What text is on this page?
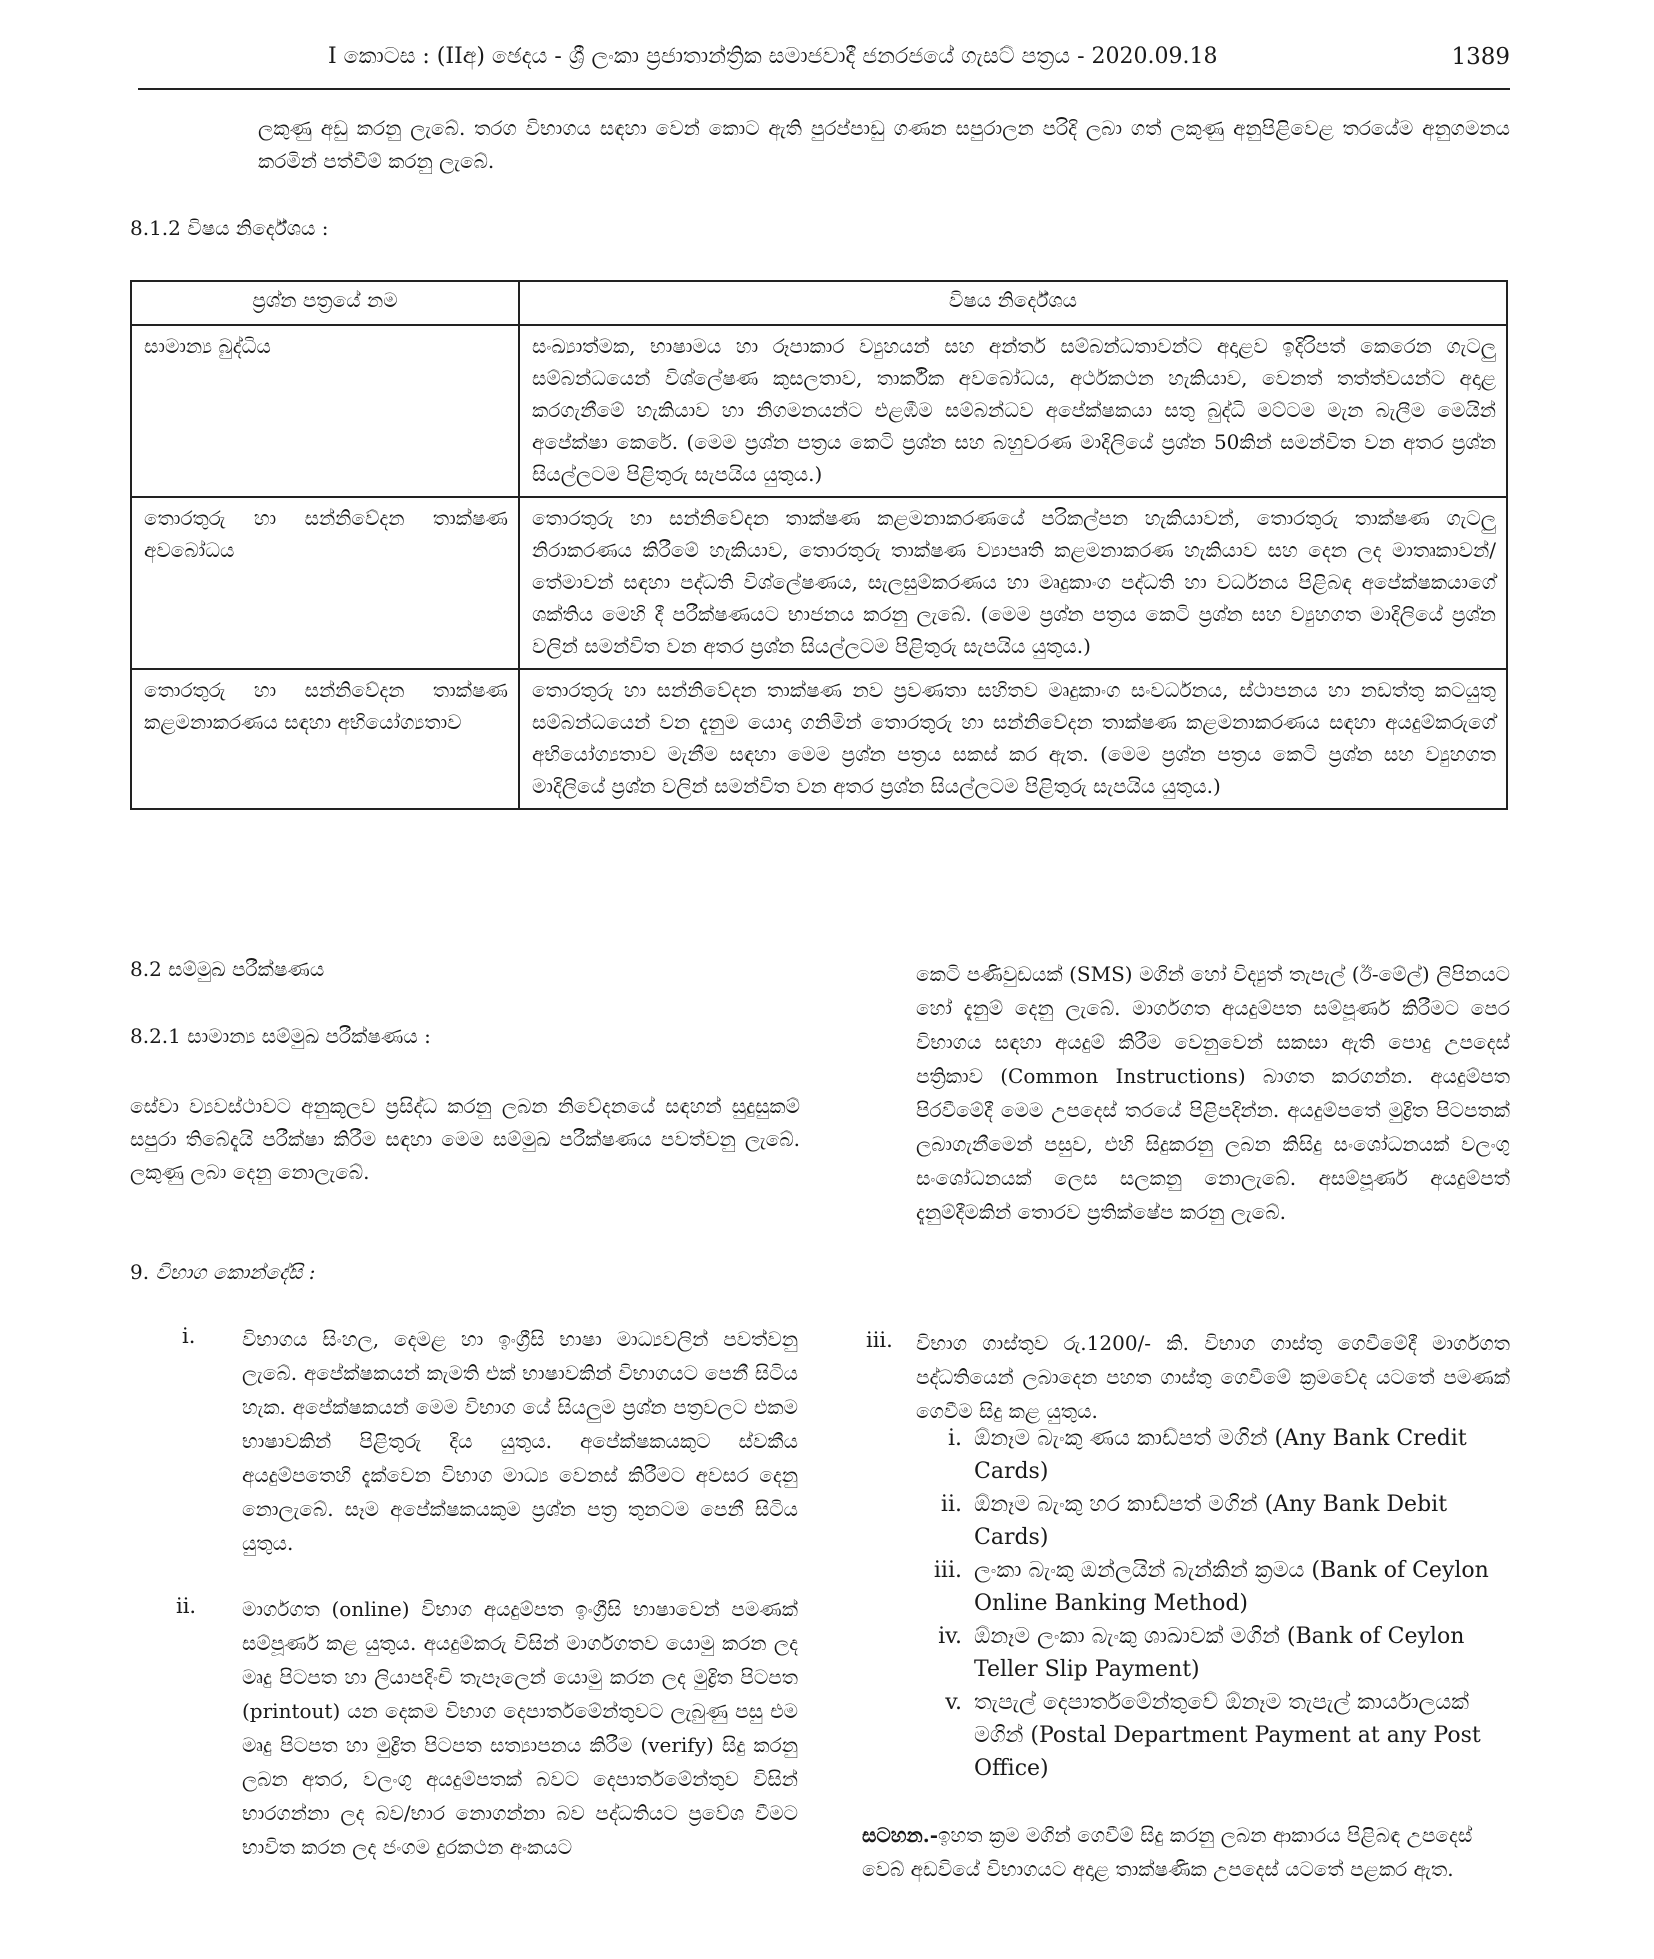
I කොටස : (IIඅ) ඡෙදය - ශ්‍රී ලංකා ප්‍රජාතාන්ත්‍රික සමාජවාදී ජනරජයේ ගැසට් පත්‍රය - 2020.09.18	1389
ලකුණු අඩු කරනු ලැබේ. තරග විභාගය සඳහා වෙන් කොට ඇති පුරප්පාඩු ගණන සපුරාලන පරිදි ලබා ගත් ලකුණු අනුපිළිවෙළ තරයේම අනුගමනය කරමින් පත්වීම් කරනු ලැබේ.
8.1.2 විෂය නිර්දේශය :
ප්‍රශ්න පත්‍රයේ නම	විෂය නිර්දේශය
සාමාන්‍ය බුද්ධිය	සංඛ්‍යාත්මක, භාෂාමය හා රූපාකාර ව්‍යුහයන් සහ අන්තර් සම්බන්ධතාවන්ට අදාළව ඉදිරිපත් කෙරෙන ගැටලු සම්බන්ධයෙන් විශ්ලේෂණ කුසලතාව, තාර්කික අවබෝධය, අර්ථකථන හැකියාව, වෙනත් තත්ත්වයන්ට අදාළ කරගැනීමේ හැකියාව හා නිගමනයන්ට එළඹීම සම්බන්ධව අපේක්ෂකයා සතු බුද්ධි මට්ටම මැන බැලීම මෙයින් අපේක්ෂා කෙරේ. (මෙම ප්‍රශ්න පත්‍රය කෙටි ප්‍රශ්න සහ බහුවරණ මාදිලියේ ප්‍රශ්න 50කින් සමන්විත වන අතර ප්‍රශ්න සියල්ලටම පිළිතුරු සැපයිය යුතුය.)
තොරතුරු හා සන්නිවේදන තාක්ෂණ අවබෝධය	තොරතුරු හා සන්නිවේදන තාක්ෂණ කළමනාකරණයේ පරිකල්පන හැකියාවන්, තොරතුරු තාක්ෂණ ගැටලු නිරාකරණය කිරීමේ හැකියාව, තොරතුරු තාක්ෂණ ව්‍යාපෘති කළමනාකරණ හැකියාව සහ දෙන ලද මාතෘකාවන්/තේමාවන් සඳහා පද්ධති විශ්ලේෂණය, සැලසුම්කරණය හා මෘදුකාංග පද්ධති හා වර්ධනය පිළිබඳ අපේක්ෂකයාගේ ශක්තිය මෙහි දී පරීක්ෂණයට භාජනය කරනු ලැබේ. (මෙම ප්‍රශ්න පත්‍රය කෙටි ප්‍රශ්න සහ ව්‍යුහගත මාදිලියේ ප්‍රශ්න වලින් සමන්විත වන අතර ප්‍රශ්න සියල්ලටම පිළිතුරු සැපයිය යුතුය.)
තොරතුරු හා සන්නිවේදන තාක්ෂණ කළමනාකරණය සඳහා අභියෝග්‍යතාව	තොරතුරු හා සන්නිවේදන තාක්ෂණ නව ප්‍රවණතා සහිතව මෘදුකාංග සංවර්ධනය, ස්ථාපනය හා නඩත්තු කටයුතු සම්බන්ධයෙන් වන දැනුම යොදා ගනිමින් තොරතුරු හා සන්නිවේදන තාක්ෂණ කළමනාකරණය සඳහා අයදුම්කරුගේ අභියෝග්‍යතාව මැනීම සඳහා මෙම ප්‍රශ්න පත්‍රය සකස් කර ඇත. (මෙම ප්‍රශ්න පත්‍රය කෙටි ප්‍රශ්න සහ ව්‍යුහගත මාදිලියේ ප්‍රශ්න වලින් සමන්විත වන අතර ප්‍රශ්න සියල්ලටම පිළිතුරු සැපයිය යුතුය.)
8.2 සම්මුඛ පරීක්ෂණය
8.2.1 සාමාන්‍ය සම්මුඛ පරීක්ෂණය :
සේවා ව්‍යවස්ථාවට අනුකූලව ප්‍රසිද්ධ කරනු ලබන නිවේදනයේ සඳහන් සුදුසුකම් සපුරා තිබේදැයි පරීක්ෂා කිරීම සඳහා මෙම සම්මුඛ පරීක්ෂණය පවත්වනු ලැබේ. ලකුණු ලබා දෙනු නොලැබේ.
9. විභාග කොන්දේසි :
i. විභාගය සිංහල, දෙමළ හා ඉංග්‍රීසි භාෂා මාධ්‍යවලින් පවත්වනු ලැබේ. අපේක්ෂකයන් කැමති එක් භාෂාවකින් විභාගයට පෙනී සිටිය හැක. අපේක්ෂකයන් මෙම විභාග යේ සියලුම ප්‍රශ්න පත්‍රවලට එකම භාෂාවකින් පිළිතුරු දිය යුතුය. අපේක්ෂකයකුට ස්වකීය අයදුම්පතෙහි දැක්වෙන විභාග මාධ්‍ය වෙනස් කිරීමට අවසර දෙනු නොලැබේ. සෑම අපේක්ෂකයකුම ප්‍රශ්න පත්‍ර තුනටම පෙනී සිටිය යුතුය.
ii. මාර්ගගත (online) විභාග අයදුම්පත ඉංග්‍රීසි භාෂාවෙන් පමණක් සම්පූර්ණ කළ යුතුය. අයදුම්කරු විසින් මාර්ගගතව යොමු කරන ලද මෘදු පිටපත හා ලියාපදිංචි තැපෑලෙන් යොමු කරන ලද මුද්‍රිත පිටපත (printout) යන දෙකම විභාග දෙපාර්තමේන්තුවට ලැබුණු පසු එම මෘදු පිටපත හා මුද්‍රිත පිටපත සත්‍යාපනය කිරීම (verify) සිදු කරනු ලබන අතර, වලංගු අයදුම්පතක් බවට දෙපාර්තමේන්තුව විසින් භාරගන්නා ලද බව/භාර නොගන්නා බව පද්ධතියට ප්‍රවේශ වීමට භාවිත කරන ලද ජංගම දුරකථන අංකයට
කෙටි පණිවුඩයක් (SMS) මගින් හෝ විද්‍යුත් තැපැල් (ඊ-මේල්) ලිපිනයට හෝ දැනුම් දෙනු ලැබේ. මාර්ගගත අයදුම්පත සම්පූර්ණ කිරීමට පෙර විභාගය සඳහා අයදුම් කිරීම වෙනුවෙන් සකසා ඇති පොදු උපදෙස් පත්‍රිකාව (Common Instructions) බාගත කරගන්න. අයදුම්පත පිරවීමේදී මෙම උපදෙස් තරයේ පිළිපදින්න. අයදුම්පතේ මුද්‍රිත පිටපතක් ලබාගැනීමෙන් පසුව, එහි සිදුකරනු ලබන කිසිදු සංශෝධනයක් වලංගු සංශෝධනයක් ලෙස සලකනු නොලැබේ. අසම්පූර්ණ අයදුම්පත් දැනුම්දීමකින් තොරව ප්‍රතික්ෂේප කරනු ලැබේ.
iii. විභාග ගාස්තුව රු.1200/- කි. විභාග ගාස්තු ගෙවීමේදී මාර්ගගත පද්ධතියෙන් ලබාදෙන පහත ගාස්තු ගෙවීමේ ක්‍රමවේද යටතේ පමණක් ගෙවීම සිදු කළ යුතුය.
i. ඕනෑම බැංකු ණය කාඩ්පත් මගින් (Any Bank Credit Cards)
ii. ඕනෑම බැංකු හර කාඩ්පත් මගින් (Any Bank Debit Cards)
iii. ලංකා බැංකු ඔන්ලයින් බැන්කින් ක්‍රමය (Bank of Ceylon Online Banking Method)
iv. ඕනෑම ලංකා බැංකු ශාඛාවක් මගින් (Bank of Ceylon Teller Slip Payment)
v. තැපැල් දෙපාර්තමේන්තුවේ ඕනෑම තැපැල් කාර්යාලයක් මගින් (Postal Department Payment at any Post Office)
සටහන.-ඉහත ක්‍රම මගින් ගෙවීම් සිදු කරනු ලබන ආකාරය පිළිබඳ උපදෙස් වෙබ් අඩවියේ විභාගයට අදාළ තාක්ෂණික උපදෙස් යටතේ පළකර ඇත.
